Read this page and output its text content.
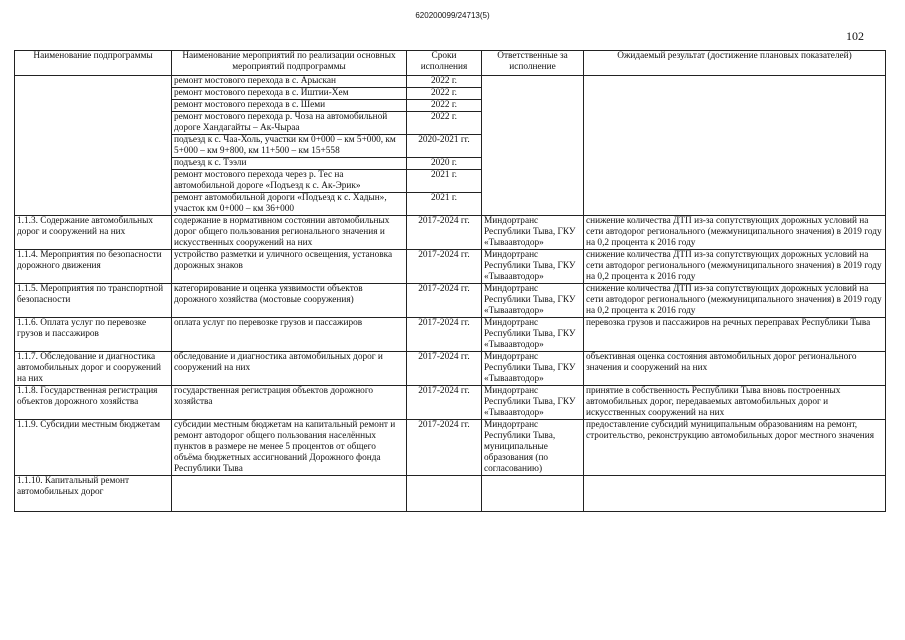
620200099/24713(5)
102
Наименование подпрограммы	Наименование мероприятий по реализации основных мероприятий подпрограммы	Сроки исполнения	Ответственные за исполнение	Ожидаемый результат (достижение плановых показателей)
	ремонт мостового перехода в с. Арыскан	2022 г.		
	ремонт мостового перехода в с. Иштии-Хем	2022 г.		
	ремонт мостового перехода в с. Шеми	2022 г.		
	ремонт мостового перехода р. Чоза на автомобильной дороге Хандагайты – Ак-Чыраа	2022 г.		
	подъезд к с. Чаа-Холь, участки км 0+000 – км 5+000, км 5+000 – км 9+800, км 11+500 – км 15+558	2020-2021 гг.		
	подъезд к с. Тээли	2020 г.		
	ремонт мостового перехода через р. Тес на автомобильной дороге «Подъезд к с. Ак-Эрик»	2021 г.		
	ремонт автомобильной дороги «Подъезд к с. Хадын», участок км 0+000 – км 36+000	2021 г.		
1.1.3. Содержание автомобильных дорог и сооружений на них	содержание в нормативном состоянии автомобильных дорог общего пользования регионального значения и искусственных сооружений на них	2017-2024 гг.	Миндортранс Республики Тыва, ГКУ «Тываавтодор»	снижение количества ДТП из-за сопутствующих дорожных условий на сети автодорог регионального (межмуниципального значения) в 2019 году на 0,2 процента к 2016 году
1.1.4. Мероприятия по безопасности дорожного движения	устройство разметки и уличного освещения, установка дорожных знаков	2017-2024 гг.	Миндортранс Республики Тыва, ГКУ «Тываавтодор»	снижение количества ДТП из-за сопутствующих дорожных условий на сети автодорог регионального (межмуниципального значения) в 2019 году на 0,2 процента к 2016 году
1.1.5. Мероприятия по транспортной безопасности	категорирование и оценка уязвимости объектов дорожного хозяйства (мостовые сооружения)	2017-2024 гг.	Миндортранс Республики Тыва, ГКУ «Тываавтодор»	снижение количества ДТП из-за сопутствующих дорожных условий на сети автодорог регионального (межмуниципального значения) в 2019 году на 0,2 процента к 2016 году
1.1.6. Оплата услуг по перевозке грузов и пассажиров	оплата услуг по перевозке грузов и пассажиров	2017-2024 гг.	Миндортранс Республики Тыва, ГКУ «Тываавтодор»	перевозка грузов и пассажиров на речных переправах Республики Тыва
1.1.7. Обследование и диагностика автомобильных дорог и сооружений на них	обследование и диагностика автомобильных дорог и сооружений на них	2017-2024 гг.	Миндортранс Республики Тыва, ГКУ «Тываавтодор»	объективная оценка состояния автомобильных дорог регионального значения и сооружений на них
1.1.8. Государственная регистрация объектов дорожного хозяйства	государственная регистрация объектов дорожного хозяйства	2017-2024 гг.	Миндортранс Республики Тыва, ГКУ «Тываавтодор»	принятие в собственность Республики Тыва вновь построенных автомобильных дорог, передаваемых автомобильных дорог и искусственных сооружений на них
1.1.9. Субсидии местным бюджетам	субсидии местным бюджетам на капитальный ремонт и ремонт автодорог общего пользования населённых пунктов в размере не менее 5 процентов от общего объёма бюджетных ассигнований Дорожного фонда Республики Тыва	2017-2024 гг.	Миндортранс Республики Тыва, муниципальные образования (по согласованию)	предоставление субсидий муниципальным образованиям на ремонт, строительство, реконструкцию автомобильных дорог местного значения
1.1.10. Капитальный ремонт автомобильных дорог				
